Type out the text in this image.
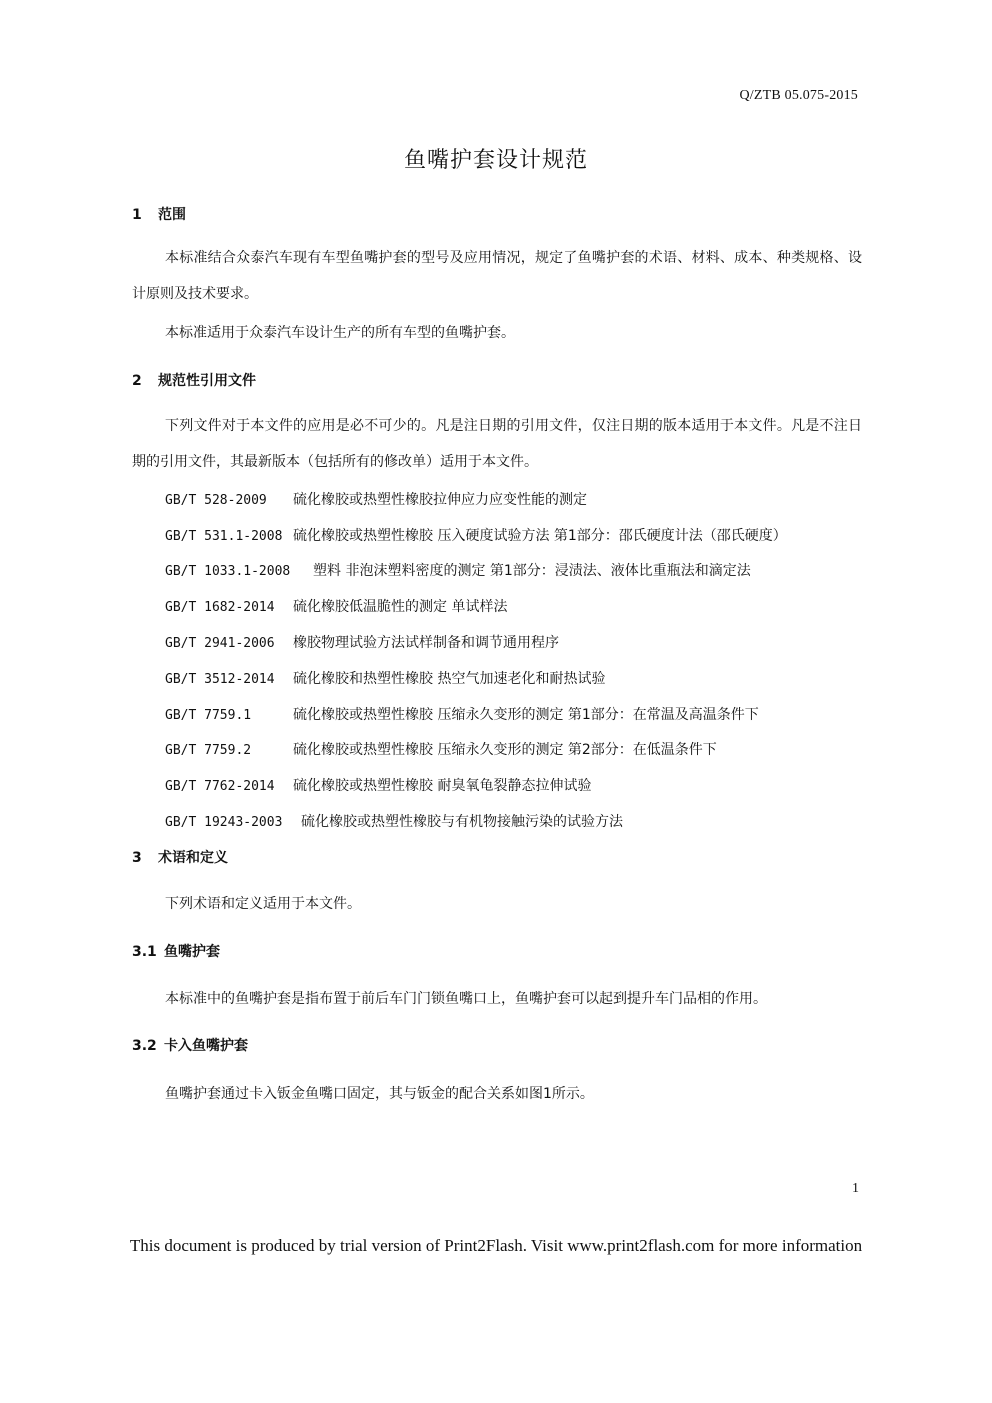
Q/ZTB 05.075-2015
鱼嘴护套设计规范
1 范围
本标准结合众泰汽车现有车型鱼嘴护套的型号及应用情况，规定了鱼嘴护套的术语、材料、成本、种类规格、设计原则及技术要求。
本标准适用于众泰汽车设计生产的所有车型的鱼嘴护套。
2 规范性引用文件
下列文件对于本文件的应用是必不可少的。凡是注日期的引用文件，仅注日期的版本适用于本文件。凡是不注日期的引用文件，其最新版本（包括所有的修改单）适用于本文件。
GB/T 528-2009 硫化橡胶或热塑性橡胶拉伸应力应变性能的测定
GB/T 531.1-2008 硫化橡胶或热塑性橡胶 压入硬度试验方法 第1部分：邵氏硬度计法（邵氏硬度）
GB/T 1033.1-2008 塑料 非泡沫塑料密度的测定 第1部分：浸渍法、液体比重瓶法和滴定法
GB/T 1682-2014 硫化橡胶低温脆性的测定 单试样法
GB/T 2941-2006 橡胶物理试验方法试样制备和调节通用程序
GB/T 3512-2014 硫化橡胶和热塑性橡胶 热空气加速老化和耐热试验
GB/T 7759.1	硫化橡胶或热塑性橡胶 压缩永久变形的测定 第1部分：在常温及高温条件下
GB/T 7759.2	硫化橡胶或热塑性橡胶 压缩永久变形的测定 第2部分：在低温条件下
GB/T 7762-2014 硫化橡胶或热塑性橡胶 耐臭氧龟裂静态拉伸试验
GB/T 19243-2003 硫化橡胶或热塑性橡胶与有机物接触污染的试验方法
3 术语和定义
下列术语和定义适用于本文件。
3.1 鱼嘴护套
本标准中的鱼嘴护套是指布置于前后车门门锁鱼嘴口上，鱼嘴护套可以起到提升车门品相的作用。
3.2 卡入鱼嘴护套
鱼嘴护套通过卡入钣金鱼嘴口固定，其与钣金的配合关系如图1所示。
1
This document is produced by trial version of Print2Flash. Visit www.print2flash.com for more information
